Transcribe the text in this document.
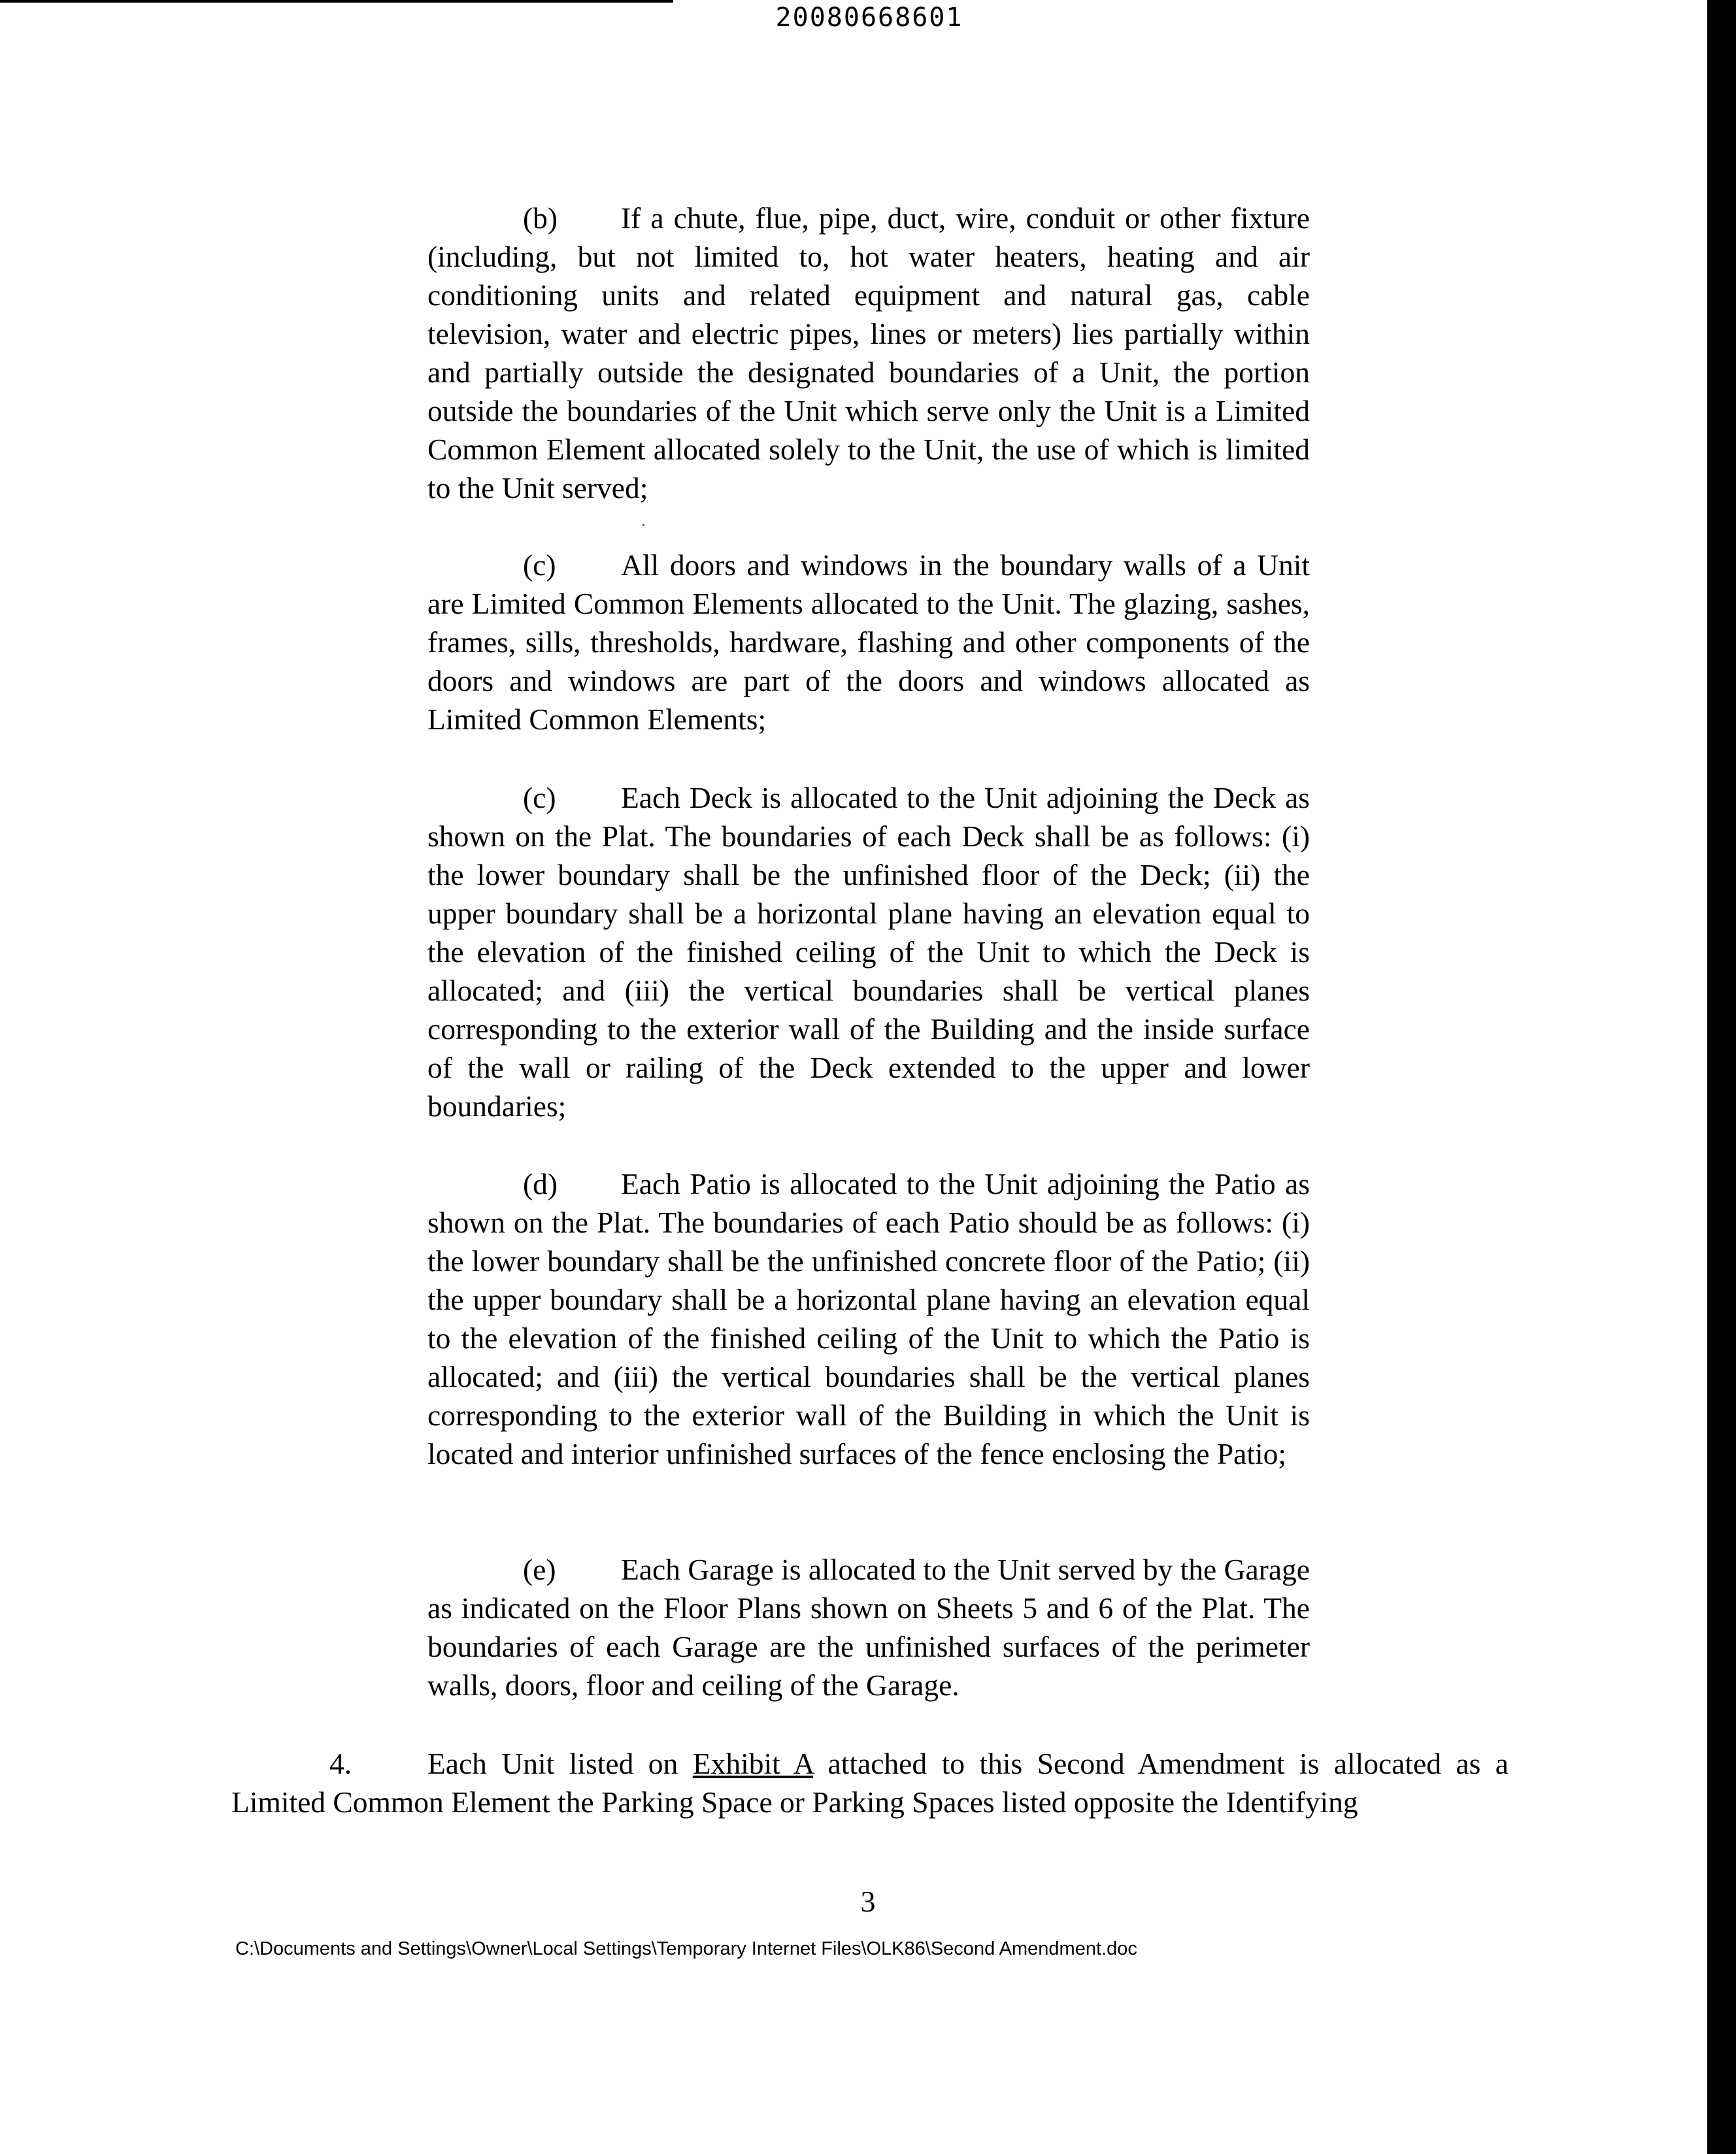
20080668601

(b) If a chute, flue, pipe, duct, wire, conduit or other fixture (including, but not limited to, hot water heaters, heating and air conditioning units and related equipment and natural gas, cable television, water and electric pipes, lines or meters) lies partially within and partially outside the designated boundaries of a Unit, the portion outside the boundaries of the Unit which serve only the Unit is a Limited Common Element allocated solely to the Unit, the use of which is limited to the Unit served;

(c) All doors and windows in the boundary walls of a Unit are Limited Common Elements allocated to the Unit. The glazing, sashes, frames, sills, thresholds, hardware, flashing and other components of the doors and windows are part of the doors and windows allocated as Limited Common Elements;

(c) Each Deck is allocated to the Unit adjoining the Deck as shown on the Plat. The boundaries of each Deck shall be as follows: (i) the lower boundary shall be the unfinished floor of the Deck; (ii) the upper boundary shall be a horizontal plane having an elevation equal to the elevation of the finished ceiling of the Unit to which the Deck is allocated; and (iii) the vertical boundaries shall be vertical planes corresponding to the exterior wall of the Building and the inside surface of the wall or railing of the Deck extended to the upper and lower boundaries;

(d) Each Patio is allocated to the Unit adjoining the Patio as shown on the Plat. The boundaries of each Patio should be as follows: (i) the lower boundary shall be the unfinished concrete floor of the Patio; (ii) the upper boundary shall be a horizontal plane having an elevation equal to the elevation of the finished ceiling of the Unit to which the Patio is allocated; and (iii) the vertical boundaries shall be the vertical planes corresponding to the exterior wall of the Building in which the Unit is located and interior unfinished surfaces of the fence enclosing the Patio;

(e) Each Garage is allocated to the Unit served by the Garage as indicated on the Floor Plans shown on Sheets 5 and 6 of the Plat. The boundaries of each Garage are the unfinished surfaces of the perimeter walls, doors, floor and ceiling of the Garage.

4.	Each Unit listed on Exhibit A attached to this Second Amendment is allocated as a Limited Common Element the Parking Space or Parking Spaces listed opposite the Identifying

3
C:\Documents and Settings\Owner\Local Settings\Temporary Internet Files\OLK86\Second Amendment.doc
